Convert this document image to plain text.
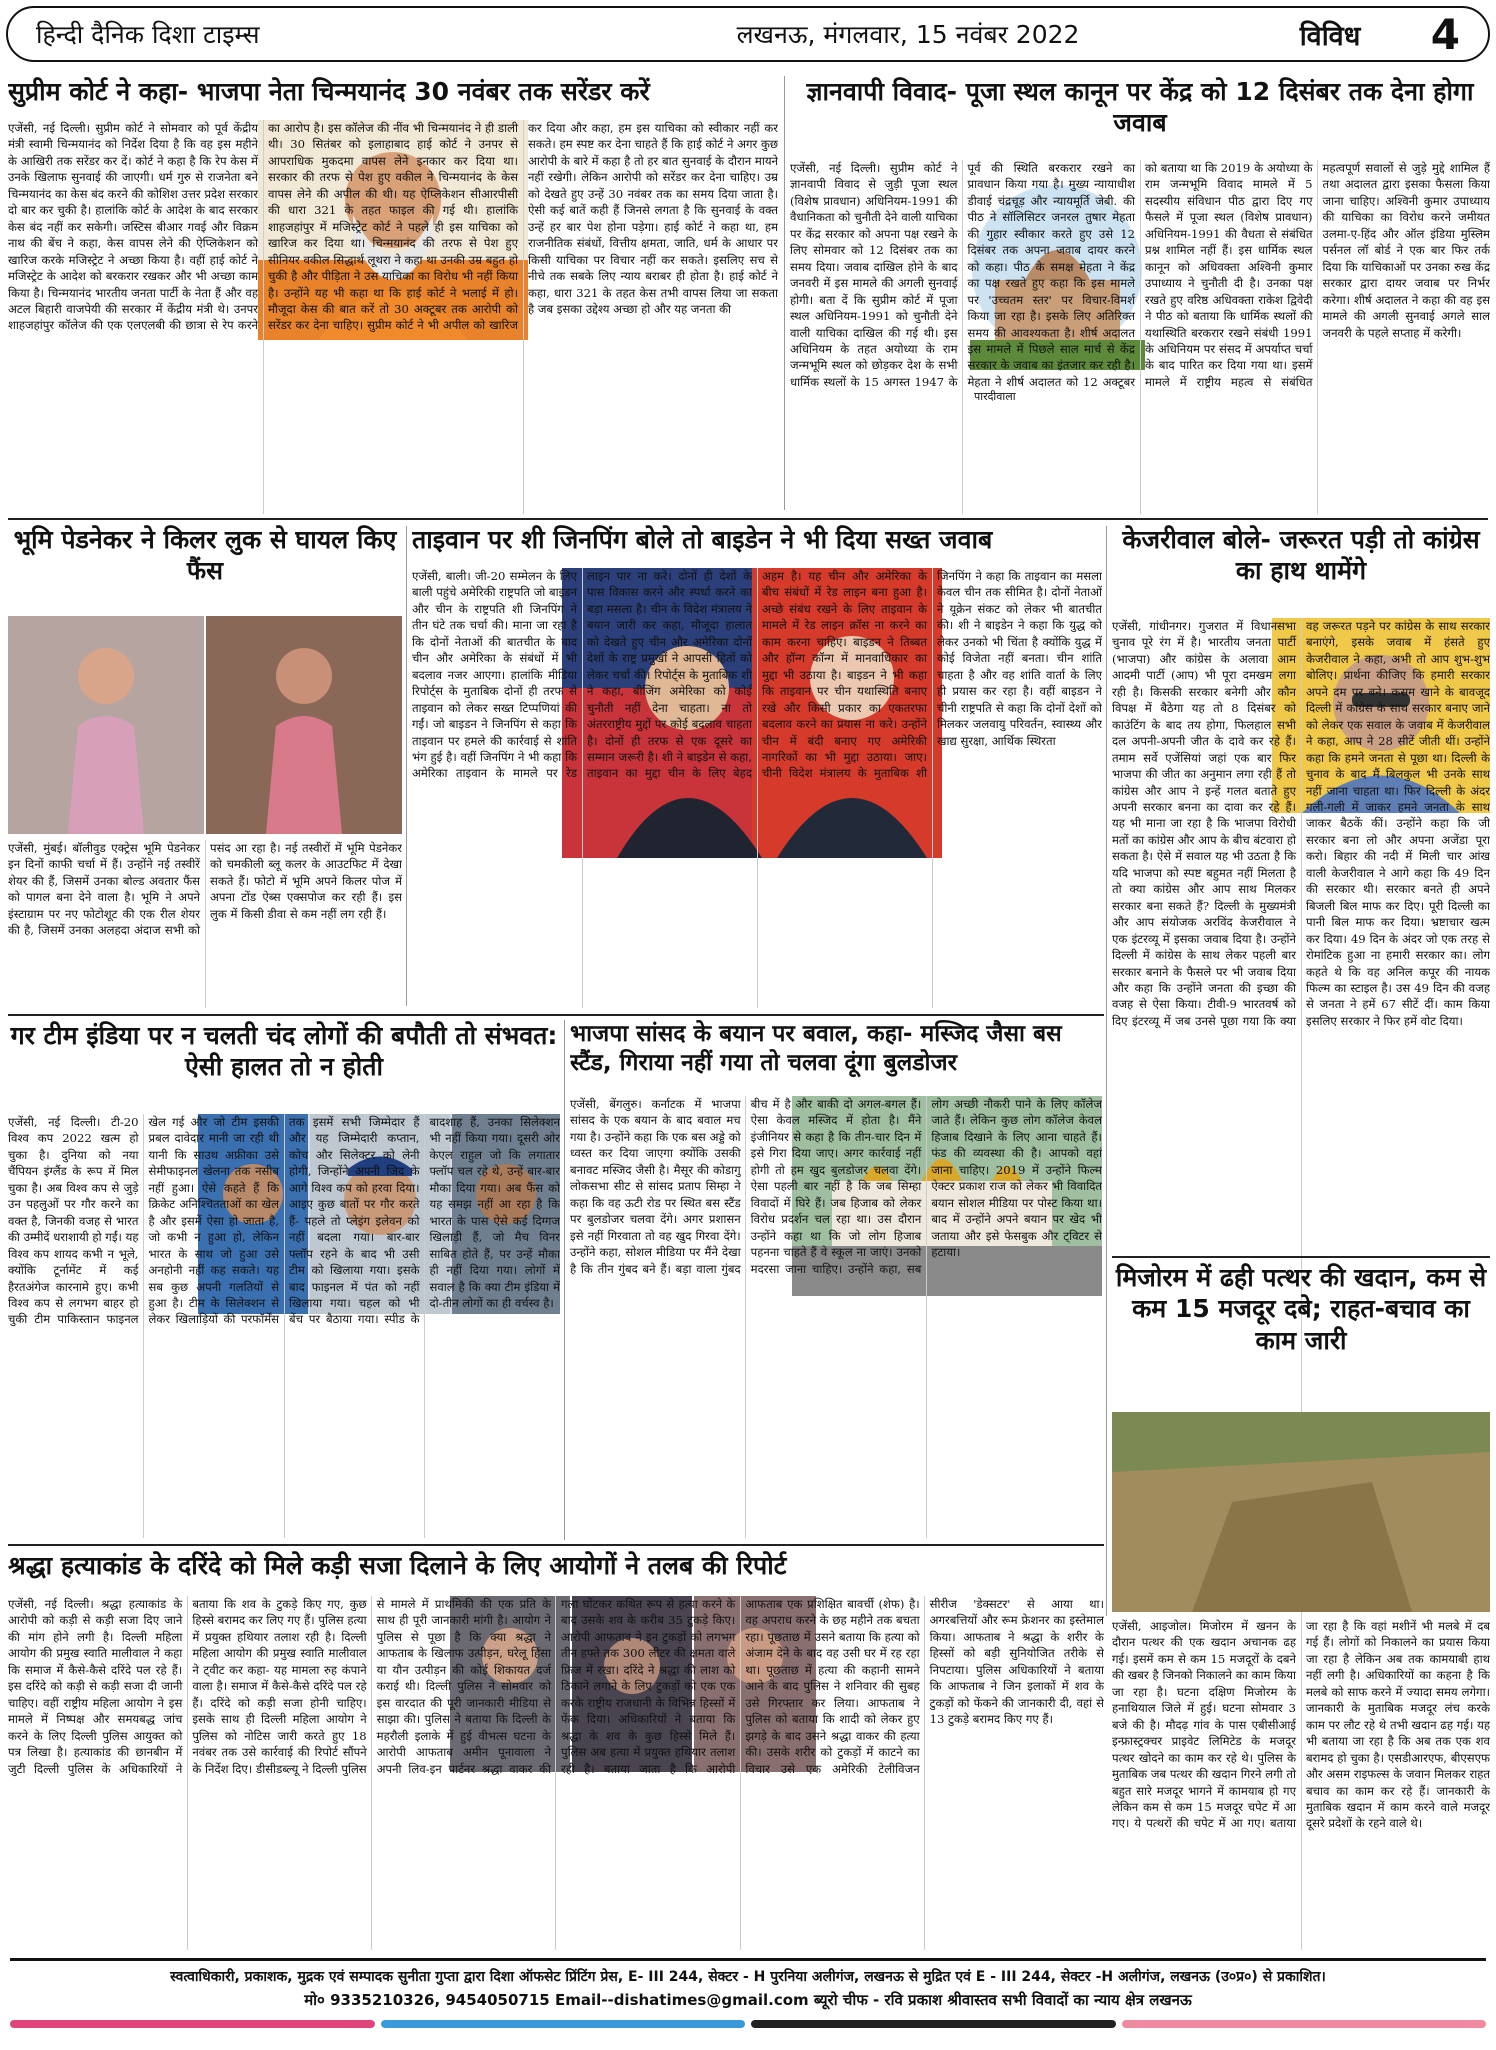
हिन्दी दैनिक दिशा टाइम्स	लखनऊ, मंगलवार, 15 नवंबर 2022	विविध	4
सुप्रीम कोर्ट ने कहा- भाजपा नेता चिन्मयानंद 30 नवंबर तक सरेंडर करें
एजेंसी, नई दिल्ली। सुप्रीम कोर्ट ने सोमवार को पूर्व केंद्रीय मंत्री स्वामी चिन्मयानंद को निर्देश दिया है कि वह इस महीने के आखिरी तक सरेंडर कर दें। कोर्ट ने कहा है कि रेप केस में उनके खिलाफ सुनवाई की जाएगी। धर्म गुरु से राजनेता बने चिन्मयानंद का केस बंद करने की कोशिश उत्तर प्रदेश सरकार दो बार कर चुकी है। हालांकि कोर्ट के आदेश के बाद सरकार केस बंद नहीं कर सकेगी। जस्टिस बीआर गवई और विक्रम नाथ की बेंच ने कहा, केस वापस लेने की ऐप्लिकेशन को खारिज करके मजिस्ट्रेट ने अच्छा किया है। वहीं हाई कोर्ट ने मजिस्ट्रेट के आदेश को बरकरार रखकर और भी अच्छा काम किया है। चिन्मयानंद भारतीय जनता पार्टी के नेता हैं और वह अटल बिहारी वाजपेयी की सरकार में केंद्रीय मंत्री थे। उनपर शाहजहांपुर कॉलेज की एक एलएलबी की छात्रा से रेप करने का आरोप है। इस कॉलेज की नींव भी चिन्मयानंद ने ही डाली थी। 30 सितंबर को इलाहाबाद हाई कोर्ट ने उनपर से आपराधिक मुकदमा वापस लेने इनकार कर दिया था। सरकार की तरफ से पेश हुए वकील ने चिन्मयानंद के केस वापस लेने की अपील की थी। यह ऐप्लिकेशन सीआरपीसी की धारा 321 के तहत फाइल की गई थी। हालांकि शाहजहांपुर में मजिस्ट्रेट कोर्ट ने पहले ही इस याचिका को खारिज कर दिया था। चिन्मयानंद की तरफ से पेश हुए सीनियर वकील सिद्धार्थ लूथरा ने कहा था उनकी उम्र बहुत हो चुकी है और पीड़िता ने उस याचिका का विरोध भी नहीं किया है। उन्होंने यह भी कहा था कि हाई कोर्ट ने भलाई में हो। मौजूदा केस की बात करें तो 30 अक्टूबर तक आरोपी को सरेंडर कर देना चाहिए। सुप्रीम कोर्ट ने भी अपील को खारिज कर दिया और कहा, हम इस याचिका को स्वीकार नहीं कर सकते। हम स्पष्ट कर देना चाहते हैं कि हाई कोर्ट ने अगर कुछ आरोपी के बारे में कहा है तो हर बात सुनवाई के दौरान मायने नहीं रखेगी। लेकिन आरोपी को सरेंडर कर देना चाहिए। उम्र को देखते हुए उन्हें 30 नवंबर तक का समय दिया जाता है। ऐसी कई बातें कही हैं जिनसे लगता है कि सुनवाई के वक्त उन्हें हर बार पेश होना पड़ेगा। हाई कोर्ट ने कहा था, हम राजनीतिक संबंधों, वित्तीय क्षमता, जाति, धर्म के आधार पर किसी याचिका पर विचार नहीं कर सकते। इसलिए सच से नीचे तक सबके लिए न्याय बराबर ही होता है। हाई कोर्ट ने कहा, धारा 321 के तहत केस तभी वापस लिया जा सकता है जब इसका उद्देश्य अच्छा हो और यह जनता की
ज्ञानवापी विवाद- पूजा स्थल कानून पर केंद्र को 12 दिसंबर तक देना होगा जवाब
पारदीवाला
एजेंसी, नई दिल्ली। सुप्रीम कोर्ट ने ज्ञानवापी विवाद से जुड़ी पूजा स्थल (विशेष प्रावधान) अधिनियम-1991 की वैधानिकता को चुनौती देने वाली याचिका पर केंद्र सरकार को अपना पक्ष रखने के लिए सोमवार को 12 दिसंबर तक का समय दिया। जवाब दाखिल होने के बाद जनवरी में इस मामले की अगली सुनवाई होगी। बता दें कि सुप्रीम कोर्ट में पूजा स्थल अधिनियम-1991 को चुनौती देने वाली याचिका दाखिल की गई थी। इस अधिनियम के तहत अयोध्या के राम जन्मभूमि स्थल को छोड़कर देश के सभी धार्मिक स्थलों के 15 अगस्त 1947 के पूर्व की स्थिति बरकरार रखने का प्रावधान किया गया है। मुख्य न्यायाधीश डीवाई चंद्रचूड़ और न्यायमूर्ति जेबी. की पीठ ने सॉलिसिटर जनरल तुषार मेहता की गुहार स्वीकार करते हुए उसे 12 दिसंबर तक अपना जवाब दायर करने को कहा। पीठ के समक्ष मेहता ने केंद्र का पक्ष रखते हुए कहा कि इस मामले पर 'उच्चतम स्तर' पर विचार-विमर्श किया जा रहा है। इसके लिए अतिरिक्त समय की आवश्यकता है। शीर्ष अदालत इस मामले में पिछले साल मार्च से केंद्र सरकार के जवाब का इंतजार कर रही है। मेहता ने शीर्ष अदालत को 12 अक्टूबर को बताया था कि 2019 के अयोध्या के राम जन्मभूमि विवाद मामले में 5 सदस्यीय संविधान पीठ द्वारा दिए गए फैसले में पूजा स्थल (विशेष प्रावधान) अधिनियम-1991 की वैधता से संबंधित प्रश्न शामिल नहीं हैं। इस धार्मिक स्थल कानून को अधिवक्ता अश्विनी कुमार उपाध्याय ने चुनौती दी है। उनका पक्ष रखते हुए वरिष्ठ अधिवक्ता राकेश द्विवेदी ने पीठ को बताया कि धार्मिक स्थलों की यथास्थिति बरकरार रखने संबंधी 1991 के अधिनियम पर संसद में अपर्याप्त चर्चा के बाद पारित कर दिया गया था। इसमें मामले में राष्ट्रीय महत्व से संबंधित महत्वपूर्ण सवालों से जुड़े मुद्दे शामिल हैं तथा अदालत द्वारा इसका फैसला किया जाना चाहिए। अश्विनी कुमार उपाध्याय की याचिका का विरोध करने जमीयत उलमा-ए-हिंद और ऑल इंडिया मुस्लिम पर्सनल लॉ बोर्ड ने एक बार फिर तर्क दिया कि याचिकाओं पर उनका रुख केंद्र सरकार द्वारा दायर जवाब पर निर्भर करेगा। शीर्ष अदालत ने कहा की वह इस मामले की अगली सुनवाई अगले साल जनवरी के पहले सप्ताह में करेगी।
भूमि पेडनेकर ने किलर लुक से घायल किए फैंस
एजेंसी, मुंबई। बॉलीवुड एक्ट्रेस भूमि पेडनेकर इन दिनों काफी चर्चा में हैं। उन्होंने नई तस्वीरें शेयर की हैं, जिसमें उनका बोल्ड अवतार फैंस को पागल बना देने वाला है। भूमि ने अपने इंस्टाग्राम पर नए फोटोशूट की एक रील शेयर की है, जिसमें उनका अलहदा अंदाज सभी को पसंद आ रहा है। नई तस्वीरों में भूमि पेडनेकर को चमकीली ब्लू कलर के आउटफिट में देखा सकते हैं। फोटो में भूमि अपने किलर पोज में अपना टोंड ऐब्स एक्सपोज कर रही हैं। इस लुक में किसी डीवा से कम नहीं लग रही हैं।
ताइवान पर शी जिनपिंग बोले तो बाइडेन ने भी दिया सख्त जवाब
एजेंसी, बाली। जी-20 सम्मेलन के लिए बाली पहुंचे अमेरिकी राष्ट्रपति जो बाइडन और चीन के राष्ट्रपति शी जिनपिंग ने तीन घंटे तक चर्चा की। माना जा रहा है कि दोनों नेताओं की बातचीत के बाद चीन और अमेरिका के संबंधों में भी बदलाव नजर आएगा। हालांकि मीडिया रिपोर्ट्स के मुताबिक दोनों ही तरफ से ताइवान को लेकर सख्त टिप्पणियां की गईं। जो बाइडन ने जिनपिंग से कहा कि ताइवान पर हमले की कार्रवाई से शांति भंग हुई है। वहीं जिनपिंग ने भी कहा कि अमेरिका ताइवान के मामले पर रेड लाइन पार ना करे। दोनों ही देशों के पास विकास करने और स्पर्धा करने का बड़ा मसला है। चीन के विदेश मंत्रालय ने बयान जारी कर कहा, मौजूदा हालात को देखते हुए चीन और अमेरिका दोनों देशों के राष्ट्र प्रमुखों ने आपसी हितों को लेकर चर्चा की। रिपोर्ट्स के मुताबिक शी ने कहा, बीजिंग अमेरिका को कोई चुनौती नहीं देना चाहता। ना तो अंतरराष्ट्रीय मुद्दों पर कोई बदलाव चाहता है। दोनों ही तरफ से एक दूसरे का सम्मान जरूरी है। शी ने बाइडेन से कहा, ताइवान का मुद्दा चीन के लिए बेहद अहम है। यह चीन और अमेरिका के बीच संबंधों में रेड लाइन बना हुआ है। अच्छे संबंध रखने के लिए ताइवान के मामले में रेड लाइन क्रॉस ना करने का काम करना चाहिए। बाइडन ने तिब्बत और हॉन्ग कॉन्ग में मानवाधिकार का मुद्दा भी उठाया है। बाइडन ने भी कहा कि ताइवान पर चीन यथास्थिति बनाए रखे और किसी प्रकार का एकतरफा बदलाव करने का प्रयास ना करे। उन्होंने चीन में बंदी बनाए गए अमेरिकी नागरिकों का भी मुद्दा उठाया। जाए। चीनी विदेश मंत्रालय के मुताबिक शी जिनपिंग ने कहा कि ताइवान का मसला केवल चीन तक सीमित है। दोनों नेताओं ने यूक्रेन संकट को लेकर भी बातचीत की। शी ने बाइडेन ने कहा कि युद्ध को लेकर उनको भी चिंता है क्योंकि युद्ध में कोई विजेता नहीं बनता। चीन शांति चाहता है और वह शांति वार्ता के लिए ही प्रयास कर रहा है। वहीं बाइडन ने चीनी राष्ट्रपति से कहा कि दोनों देशों को मिलकर जलवायु परिवर्तन, स्वास्थ्य और खाद्य सुरक्षा, आर्थिक स्थिरता
केजरीवाल बोले- जरूरत पड़ी तो कांग्रेस का हाथ थामेंगे
एजेंसी, गांधीनगर। गुजरात में विधानसभा चुनाव पूरे रंग में है। भारतीय जनता पार्टी (भाजपा) और कांग्रेस के अलावा आम आदमी पार्टी (आप) भी पूरा दमखम लगा रही है। किसकी सरकार बनेगी और कौन विपक्ष में बैठेगा यह तो 8 दिसंबर को काउंटिंग के बाद तय होगा, फिलहाल सभी दल अपनी-अपनी जीत के दावे कर रहे हैं। तमाम सर्वे एजेंसियां जहां एक बार फिर भाजपा की जीत का अनुमान लगा रही हैं तो कांग्रेस और आप ने इन्हें गलत बताते हुए अपनी सरकार बनना का दावा कर रहे हैं। यह भी माना जा रहा है कि भाजपा विरोधी मतों का कांग्रेस और आप के बीच बंटवारा हो सकता है। ऐसे में सवाल यह भी उठता है कि यदि भाजपा को स्पष्ट बहुमत नहीं मिलता है तो क्या कांग्रेस और आप साथ मिलकर सरकार बना सकते हैं? दिल्ली के मुख्यमंत्री और आप संयोजक अरविंद केजरीवाल ने एक इंटरव्यू में इसका जवाब दिया है। उन्होंने दिल्ली में कांग्रेस के साथ लेकर पहली बार सरकार बनाने के फैसले पर भी जवाब दिया और कहा कि उन्होंने जनता की इच्छा की वजह से ऐसा किया। टीवी-9 भारतवर्ष को दिए इंटरव्यू में जब उनसे पूछा गया कि क्या वह जरूरत पड़ने पर कांग्रेस के साथ सरकार बनाएंगे, इसके जवाब में हंसते हुए केजरीवाल ने कहा, अभी तो आप शुभ-शुभ बोलिए। प्रार्थना कीजिए कि हमारी सरकार अपने दम पर बने। कसम खाने के बावजूद दिल्ली में कांग्रेस के साथ सरकार बनाए जाने को लेकर एक सवाल के जवाब में केजरीवाल ने कहा, आप ने 28 सीटें जीती थीं। उन्होंने कहा कि हमने जनता से पूछा था। दिल्ली के चुनाव के बाद मैं बिलकुल भी उनके साथ नहीं जाना चाहता था। फिर दिल्ली के अंदर गली-गली में जाकर हमने जनता के साथ जाकर बैठकें कीं। उन्होंने कहा कि जी सरकार बना लो और अपना अजेंडा पूरा करो। बिहार की नदी में मिली चार आंख वाली केजरीवाल ने आगे कहा कि 49 दिन की सरकार थी। सरकार बनते ही अपने बिजली बिल माफ कर दिए। पूरी दिल्ली का पानी बिल माफ कर दिया। भ्रष्टाचार खत्म कर दिया। 49 दिन के अंदर जो एक तरह से रोमांटिक हुआ ना हमारी सरकार का। लोग कहते थे कि वह अनिल कपूर की नायक फिल्म का स्टाइल है। उस 49 दिन की वजह से जनता ने हमें 67 सीटें दीं। काम किया इसलिए सरकार ने फिर हमें वोट दिया।
गर टीम इंडिया पर न चलती चंद लोगों की बपौती तो संभवत: ऐसी हालत तो न होती
एजेंसी, नई दिल्ली। टी-20 विश्व कप 2022 खत्म हो चुका है। दुनिया को नया चैंपियन इंग्लैंड के रूप में मिल चुका है। अब विश्व कप से जुड़े उन पहलुओं पर गौर करने का वक्त है, जिनकी वजह से भारत की उम्मीदें धराशायी हो गईं। यह विश्व कप शायद कभी न भूले, क्योंकि टूर्नामेंट में कई हैरतअंगेज कारनामे हुए। कभी विश्व कप से लगभग बाहर हो चुकी टीम पाकिस्तान फाइनल खेल गई और जो टीम इसकी प्रबल दावेदार मानी जा रही थी यानी कि साउथ अफ्रीका उसे सेमीफाइनल खेलना तक नसीब नहीं हुआ। ऐसे कहते हैं कि क्रिकेट अनिश्चितताओं का खेल है और इसमें ऐसा हो जाता है, जो कभी न हुआ हो, लेकिन भारत के साथ जो हुआ उसे अनहोनी नहीं कह सकते। यह सब कुछ अपनी गलतियों से हुआ है। टीम के सिलेक्शन से लेकर खिलाड़ियों की परफॉर्मेंस तक इसमें सभी जिम्मेदार हैं और यह जिम्मेदारी कप्तान, कोच और सिलेक्टर को लेनी होगी, जिन्होंने अपनी जिद के आगे विश्व कप को हरवा दिया। आइए कुछ बातों पर गौर करते हैं- पहले तो प्लेइंग इलेवन को नहीं बदला गया। बार-बार फ्लॉप रहने के बाद भी उसी टीम को खिलाया गया। इसके बाद फाइनल में पंत को नहीं खिलाया गया। चहल को भी बेंच पर बैठाया गया। स्पीड के बादशाह हैं, उनका सिलेक्शन भी नहीं किया गया। दूसरी ओर केएल राहुल जो कि लगातार फ्लॉप चल रहे थे, उन्हें बार-बार मौका दिया गया। अब फैंस को यह समझ नहीं आ रहा है कि भारत के पास ऐसे कई दिग्गज खिलाड़ी हैं, जो मैच विनर साबित होते हैं, पर उन्हें मौका ही नहीं दिया गया। लोगों में सवाल है कि क्या टीम इंडिया में दो-तीन लोगों का ही वर्चस्व है।
भाजपा सांसद के बयान पर बवाल, कहा- मस्जिद जैसा बस स्टैंड, गिराया नहीं गया तो चलवा दूंगा बुलडोजर
एजेंसी, बेंगलुरु। कर्नाटक में भाजपा सांसद के एक बयान के बाद बवाल मच गया है। उन्होंने कहा कि एक बस अड्डे को ध्वस्त कर दिया जाएगा क्योंकि उसकी बनावट मस्जिद जैसी है। मैसूर की कोडागु लोकसभा सीट से सांसद प्रताप सिम्हा ने कहा कि वह ऊटी रोड पर स्थित बस स्टैंड पर बुलडोजर चलवा देंगे। अगर प्रशासन इसे नहीं गिरवाता तो वह खुद गिरवा देंगे। उन्होंने कहा, सोशल मीडिया पर मैंने देखा है कि तीन गुंबद बने हैं। बड़ा वाला गुंबद बीच में है और बाकी दो अगल-बगल हैं। ऐसा केवल मस्जिद में होता है। मैंने इंजीनियर से कहा है कि तीन-चार दिन में इसे गिरा दिया जाए। अगर कार्रवाई नहीं होगी तो हम खुद बुलडोजर चलवा देंगे। ऐसा पहली बार नहीं है कि जब सिम्हा विवादों में घिरे हैं। जब हिजाब को लेकर विरोध प्रदर्शन चल रहा था। उस दौरान उन्होंने कहा था कि जो लोग हिजाब पहनना चाहते हैं वे स्कूल ना जाएं। उनको मदरसा जाना चाहिए। उन्होंने कहा, सब लोग अच्छी नौकरी पाने के लिए कॉलेज जाते हैं। लेकिन कुछ लोग कॉलेज केवल हिजाब दिखाने के लिए आना चाहते हैं। फंड की व्यवस्था की है। आपको वहां जाना चाहिए। 2019 में उन्होंने फिल्म ऐक्टर प्रकाश राज को लेकर भी विवादित बयान सोशल मीडिया पर पोस्ट किया था। बाद में उन्होंने अपने बयान पर खेद भी जताया और इसे फेसबुक और ट्विटर से हटाया।
मिजोरम में ढही पत्थर की खदान, कम से कम 15 मजदूर दबे; राहत-बचाव का काम जारी
एजेंसी, आइजोल। मिजोरम में खनन के दौरान पत्थर की एक खदान अचानक ढह गई। इसमें कम से कम 15 मजदूरों के दबने की खबर है जिनको निकालने का काम किया जा रहा है। घटना दक्षिण मिजोरम के हनाथियाल जिले में हुई। घटना सोमवार 3 बजे की है। मौदढ़ गांव के पास एबीसीआई इन्फ्रास्ट्रक्चर प्राइवेट लिमिटेड के मजदूर पत्थर खोदने का काम कर रहे थे। पुलिस के मुताबिक जब पत्थर की खदान गिरने लगी तो बहुत सारे मजदूर भागने में कामयाब हो गए लेकिन कम से कम 15 मजदूर चपेट में आ गए। ये पत्थरों की चपेट में आ गए। बताया जा रहा है कि वहां मशीनें भी मलबे में दब गई हैं। लोगों को निकालने का प्रयास किया जा रहा है लेकिन अब तक कामयाबी हाथ नहीं लगी है। अधिकारियों का कहना है कि मलबे को साफ करने में ज्यादा समय लगेगा। जानकारी के मुताबिक मजदूर लंच करके काम पर लौट रहे थे तभी खदान ढह गई। यह भी बताया जा रहा है कि अब तक एक शव बरामद हो चुका है। एसडीआरएफ, बीएसएफ और असम राइफल्स के जवान मिलकर राहत बचाव का काम कर रहे हैं। जानकारी के मुताबिक खदान में काम करने वाले मजदूर दूसरे प्रदेशों के रहने वाले थे।
श्रद्धा हत्याकांड के दरिंदे को मिले कड़ी सजा दिलाने के लिए आयोगों ने तलब की रिपोर्ट
एजेंसी, नई दिल्ली। श्रद्धा हत्याकांड के आरोपी को कड़ी से कड़ी सजा दिए जाने की मांग होने लगी है। दिल्ली महिला आयोग की प्रमुख स्वाति मालीवाल ने कहा कि समाज में कैसे-कैसे दरिंदे पल रहे हैं। इस दरिंदे को कड़ी से कड़ी सजा दी जानी चाहिए। वहीं राष्ट्रीय महिला आयोग ने इस मामले में निष्पक्ष और समयबद्ध जांच करने के लिए दिल्ली पुलिस आयुक्त को पत्र लिखा है। हत्याकांड की छानबीन में जुटी दिल्ली पुलिस के अधिकारियों ने बताया कि शव के टुकड़े किए गए, कुछ हिस्से बरामद कर लिए गए हैं। पुलिस हत्या में प्रयुक्त हथियार तलाश रही है। दिल्ली महिला आयोग की प्रमुख स्वाति मालीवाल ने ट्वीट कर कहा- यह मामला रुह कंपाने वाला है। समाज में कैसे-कैसे दरिंदे पल रहे हैं। दरिंदे को कड़ी सजा होनी चाहिए। इसके साथ ही दिल्ली महिला आयोग ने पुलिस को नोटिस जारी करते हुए 18 नवंबर तक उसे कार्रवाई की रिपोर्ट सौंपने के निर्देश दिए। डीसीडब्ल्यू ने दिल्ली पुलिस से मामले में प्राथमिकी की एक प्रति के साथ ही पूरी जानकारी मांगी है। आयोग ने पुलिस से पूछा है कि क्या श्रद्धा ने आफताब के खिलाफ उत्पीड़न, घरेलू हिंसा या यौन उत्पीड़न की कोई शिकायत दर्ज कराई थी। दिल्ली पुलिस ने सोमवार को इस वारदात की पूरी जानकारी मीडिया से साझा की। पुलिस ने बताया कि दिल्ली के महरौली इलाके में हुई वीभत्स घटना के आरोपी आफताब अमीन पूनावाला ने अपनी लिव-इन पार्टनर श्रद्धा वाकर की गला घोंटकर कथित रूप से हत्या करने के बाद उसके शव के करीब 35 टुकड़े किए। आरोपी आफताब ने इन टुकड़ों को लगभग तीन हफ्ते तक 300 लीटर की क्षमता वाले फ्रिज में रखा। दरिंदे ने श्रद्धा की लाश को ठिकाने लगाने के लिए टुकड़ों को एक एक करके राष्ट्रीय राजधानी के विभिन्न हिस्सों में फेंक दिया। अधिकारियों ने बताया कि श्रद्धा के शव के कुछ हिस्से मिले हैं। पुलिस अब हत्या में प्रयुक्त हथियार तलाश रही है। बताया जाता है कि आरोपी आफताब एक प्रशिक्षित बावर्ची (शेफ) है। वह अपराध करने के छह महीने तक बचता रहा। पूछताछ में उसने बताया कि हत्या को अंजाम देने के बाद वह उसी घर में रह रहा था। पूछताछ में हत्या की कहानी सामने आने के बाद पुलिस ने शनिवार की सुबह उसे गिरफ्तार कर लिया। आफताब ने पुलिस को बताया कि शादी को लेकर हुए झगड़े के बाद उसने श्रद्धा वाकर की हत्या की। उसके शरीर को टुकड़ों में काटने का विचार उसे एक अमेरिकी टेलीविजन सीरीज 'डेक्सटर' से आया था। अगरबत्तियों और रूम फ्रेशनर का इस्तेमाल किया। आफताब ने श्रद्धा के शरीर के हिस्सों को बड़ी सुनियोजित तरीके से निपटाया। पुलिस अधिकारियों ने बताया कि आफताब ने जिन इलाकों में शव के टुकड़ों को फेंकने की जानकारी दी, वहां से 13 टुकड़े बरामद किए गए हैं।
स्वत्वाधिकारी, प्रकाशक, मुद्रक एवं सम्पादक सुनीता गुप्ता द्वारा दिशा ऑफसेट प्रिंटिंग प्रेस, E- III 244, सेक्टर - H पुरनिया अलीगंज, लखनऊ से मुद्रित एवं E - III 244, सेक्टर -H अलीगंज, लखनऊ (उ०प्र०) से प्रकाशित।
मो० 9335210326, 9454050715 Email--dishatimes@gmail.com ब्यूरो चीफ - रवि प्रकाश श्रीवास्तव सभी विवादों का न्याय क्षेत्र लखनऊ
